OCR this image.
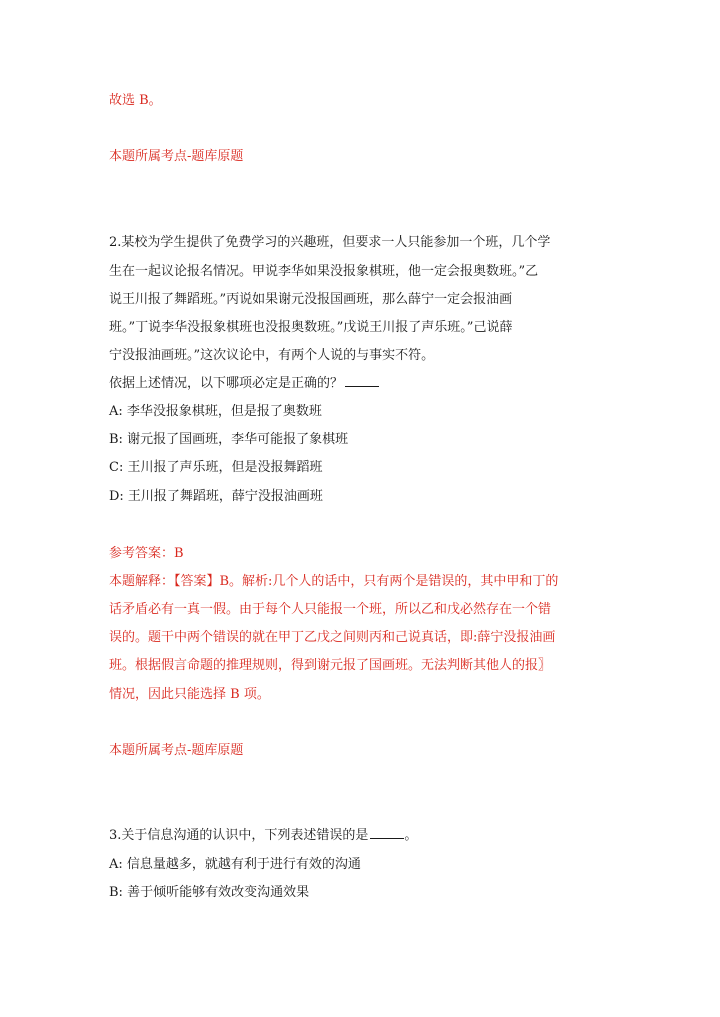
故选 B。
本题所属考点-题库原题
2.某校为学生提供了免费学习的兴趣班，但要求一人只能参加一个班，几个学
生在一起议论报名情况。甲说李华如果没报象棋班，他一定会报奥数班。”乙
说王川报了舞蹈班。”丙说如果谢元没报国画班，那么薛宁一定会报油画
班。”丁说李华没报象棋班也没报奥数班。”戊说王川报了声乐班。”己说薛
宁没报油画班。”这次议论中，有两个人说的与事实不符。
依据上述情况，以下哪项必定是正确的？
A: 李华没报象棋班，但是报了奥数班
B: 谢元报了国画班，李华可能报了象棋班
C: 王川报了声乐班，但是没报舞蹈班
D: 王川报了舞蹈班，薛宁没报油画班
参考答案：B
本题解释：【答案】B。解析:几个人的话中，只有两个是错误的，其中甲和丁的
话矛盾必有一真一假。由于每个人只能报一个班，所以乙和戊必然存在一个错
误的。题干中两个错误的就在甲丁乙戊之间则丙和己说真话，即:薛宁没报油画
班。根据假言命题的推理规则，得到谢元报了国画班。无法判断其他人的报〗
情况，因此只能选择 B 项。
本题所属考点-题库原题
3.关于信息沟通的认识中，下列表述错误的是	。
A: 信息量越多，就越有利于进行有效的沟通
B: 善于倾听能够有效改变沟通效果
